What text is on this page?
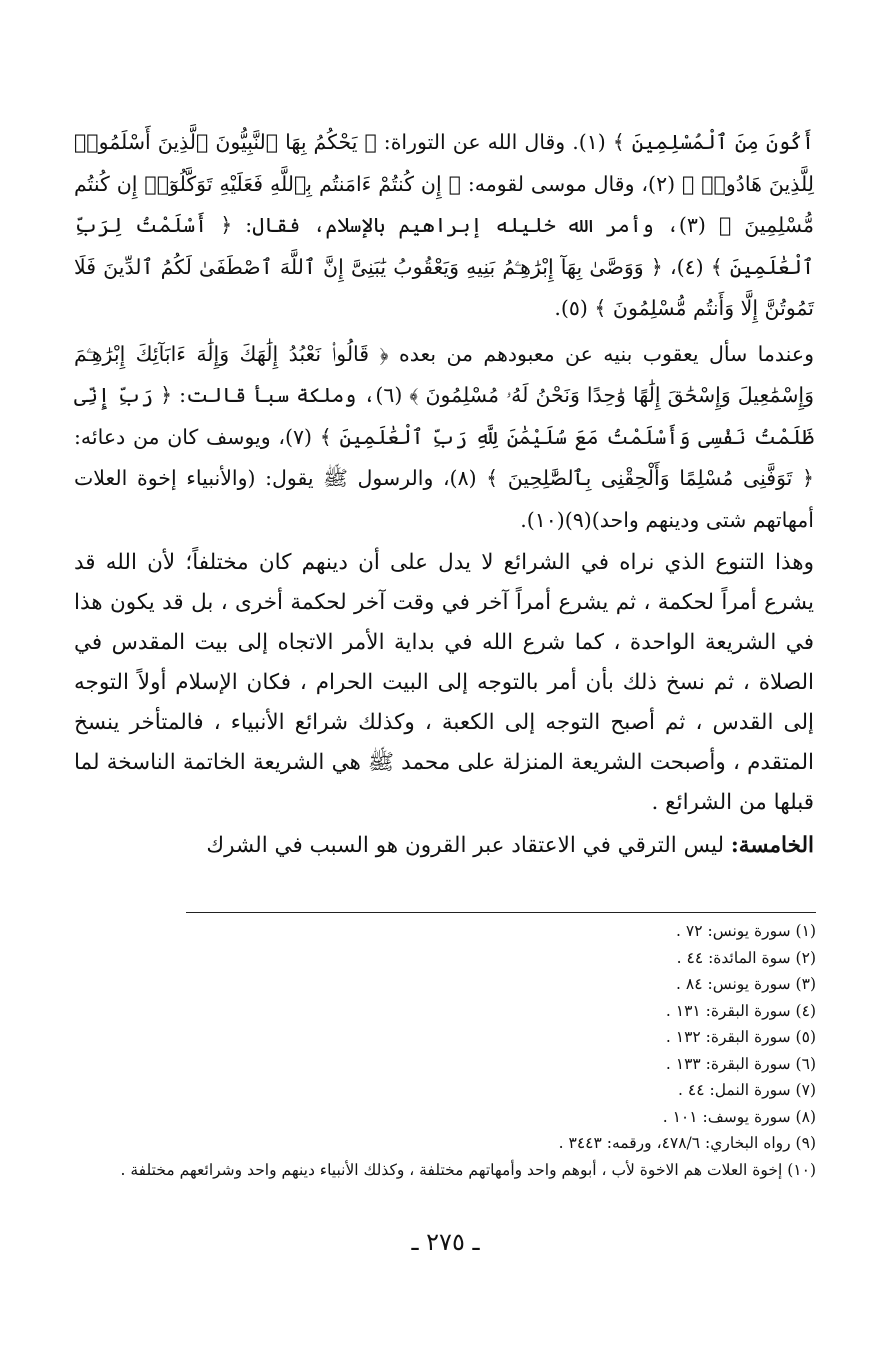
أَكُونَ مِنَ ٱلْمُسْلِمِينَ ﴾ (١). وقال الله عن التوراة: ﴿ يَحْكُمُ بِهَا ٱلنَّبِيُّونَ ٱلَّذِينَ أَسْلَمُوا۟ لِلَّذِينَ هَادُوا۟ ﴾ (٢)، وقال موسى لقومه: ﴿ إِن كُنتُمْ ءَامَنتُم بِٱللَّهِ فَعَلَيْهِ تَوَكَّلُوٓا۟ إِن كُنتُم مُّسْلِمِينَ ﴾ (٣)، وأمر الله خليله إبراهيم بالإسلام، فقال: ﴿ أَسْلَمْتُ لِرَبِّ ٱلْعَٰلَمِينَ ﴾ (٤)، ﴿ وَوَصَّىٰ بِهَآ إِبْرَٰهِـۧمُ بَنِيهِ وَيَعْقُوبُ يَٰبَنِىَّ إِنَّ ٱللَّهَ ٱصْطَفَىٰ لَكُمُ ٱلدِّينَ فَلَا تَمُوتُنَّ إِلَّا وَأَنتُم مُّسْلِمُونَ ﴾ (٥).

وعندما سأل يعقوب بنيه عن معبودهم من بعده ﴿ قَالُوا۟ نَعْبُدُ إِلَٰهَكَ وَإِلَٰهَ ءَابَآئِكَ إِبْرَٰهِـۧمَ وَإِسْمَٰعِيلَ وَإِسْحَٰقَ إِلَٰهًا وَٰحِدًا وَنَحْنُ لَهُۥ مُسْلِمُونَ ﴾ (٦)، وملكة سبأ قالت: ﴿ رَبِّ إِنِّى ظَلَمْتُ نَفْسِى وَأَسْلَمْتُ مَعَ سُلَيْمَٰنَ لِلَّهِ رَبِّ ٱلْعَٰلَمِينَ ﴾ (٧)، ويوسف كان من دعائه: ﴿ تَوَفَّنِى مُسْلِمًا وَأَلْحِقْنِى بِٱلصَّٰلِحِينَ ﴾ (٨)، والرسول ﷺ يقول: (والأنبياء إخوة العلات أمهاتهم شتى ودينهم واحد)(٩)(١٠).

وهذا التنوع الذي نراه في الشرائع لا يدل على أن دينهم كان مختلفاً؛ لأن الله قد يشرع أمراً لحكمة ، ثم يشرع أمراً آخر في وقت آخر لحكمة أخرى ، بل قد يكون هذا في الشريعة الواحدة ، كما شرع الله في بداية الأمر الاتجاه إلى بيت المقدس في الصلاة ، ثم نسخ ذلك بأن أمر بالتوجه إلى البيت الحرام ، فكان الإسلام أولاً التوجه إلى القدس ، ثم أصبح التوجه إلى الكعبة ، وكذلك شرائع الأنبياء ، فالمتأخر ينسخ المتقدم ، وأصبحت الشريعة المنزلة على محمد ﷺ هي الشريعة الخاتمة الناسخة لما قبلها من الشرائع .

الخامسة: ليس الترقي في الاعتقاد عبر القرون هو السبب في الشرك

(١) سورة يونس: ٧٢ .
(٢) سوة المائدة: ٤٤ .
(٣) سورة يونس: ٨٤ .
(٤) سورة البقرة: ١٣١ .
(٥) سورة البقرة: ١٣٢ .
(٦) سورة البقرة: ١٣٣ .
(٧) سورة النمل: ٤٤ .
(٨) سورة يوسف: ١٠١ .
(٩) رواه البخاري: ٤٧٨/٦، ورقمه: ٣٤٤٣ .
(١٠) إخوة العلات هم الاخوة لأب ، أبوهم واحد وأمهاتهم مختلفة ، وكذلك الأنبياء دينهم واحد وشرائعهم مختلفة .
ـ ٢٧٥ ـ
